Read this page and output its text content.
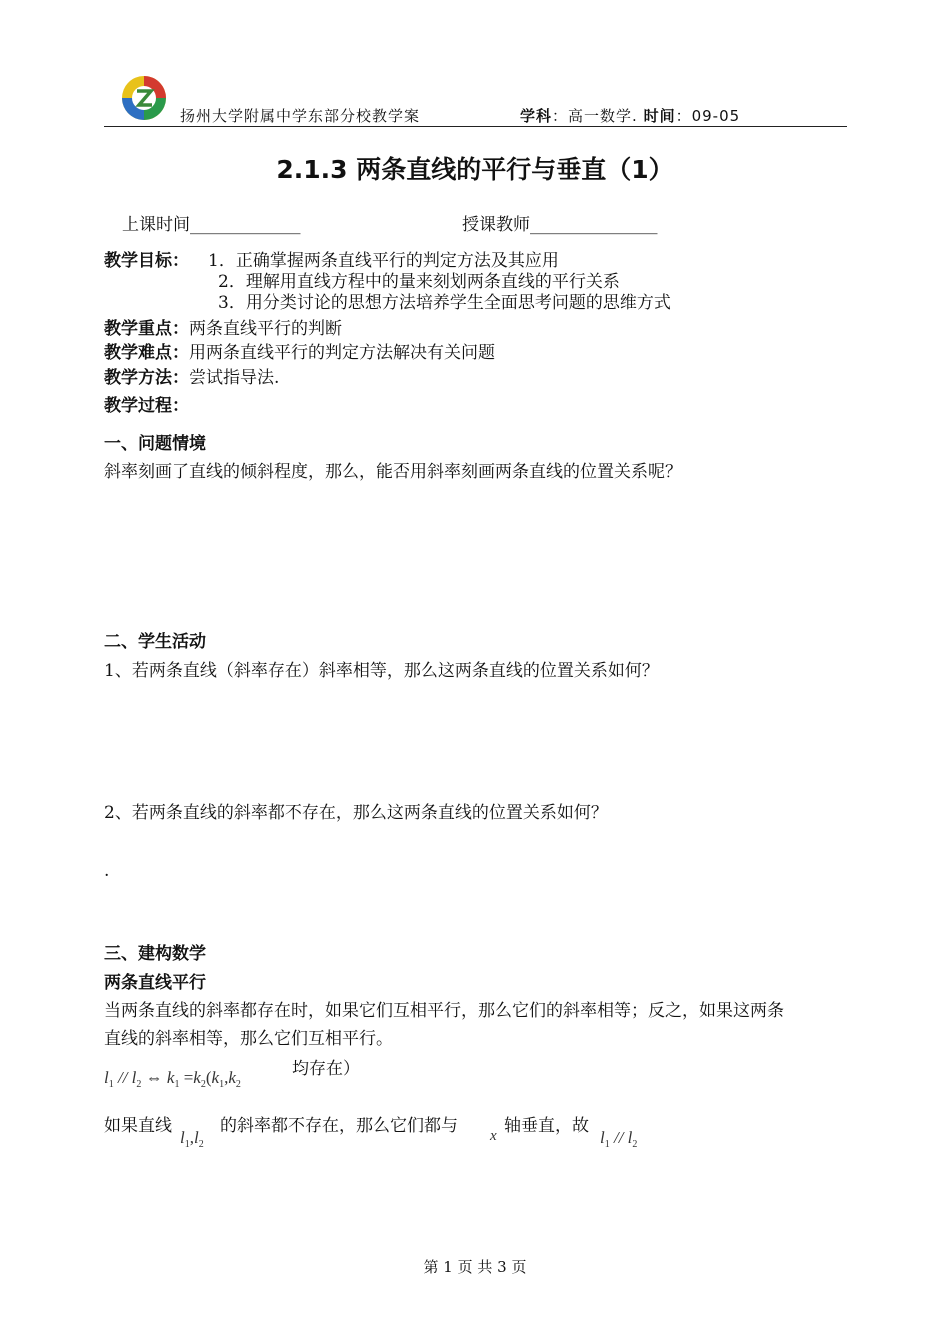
扬州大学附属中学东部分校教学案	学科：高一数学. 时间：09-05
2.1.3 两条直线的平行与垂直（1）
上课时间_____________	授课教师_______________
教学目标： 1．正确掌握两条直线平行的判定方法及其应用
2．理解用直线方程中的量来刻划两条直线的平行关系
3．用分类讨论的思想方法培养学生全面思考问题的思维方式
教学重点：两条直线平行的判断
教学难点：用两条直线平行的判定方法解决有关问题
教学方法：尝试指导法.
教学过程：
一、问题情境
斜率刻画了直线的倾斜程度，那么，能否用斜率刻画两条直线的位置关系呢？
二、学生活动
1、若两条直线（斜率存在）斜率相等，那么这两条直线的位置关系如何？
2、若两条直线的斜率都不存在，那么这两条直线的位置关系如何？
.
三、建构数学
两条直线平行
当两条直线的斜率都存在时，如果它们互相平行，那么它们的斜率相等；反之，如果这两条
直线的斜率相等，那么它们互相平行。
$l_1 // l_2$ ⇔ $k_1 =k_2(k_1,k_2$
均存在）
如果直线
$l_1,l_2$
的斜率都不存在，那么它们都与 x 轴垂直，故
$l_1 // l_2$
第 1 页 共 3 页
